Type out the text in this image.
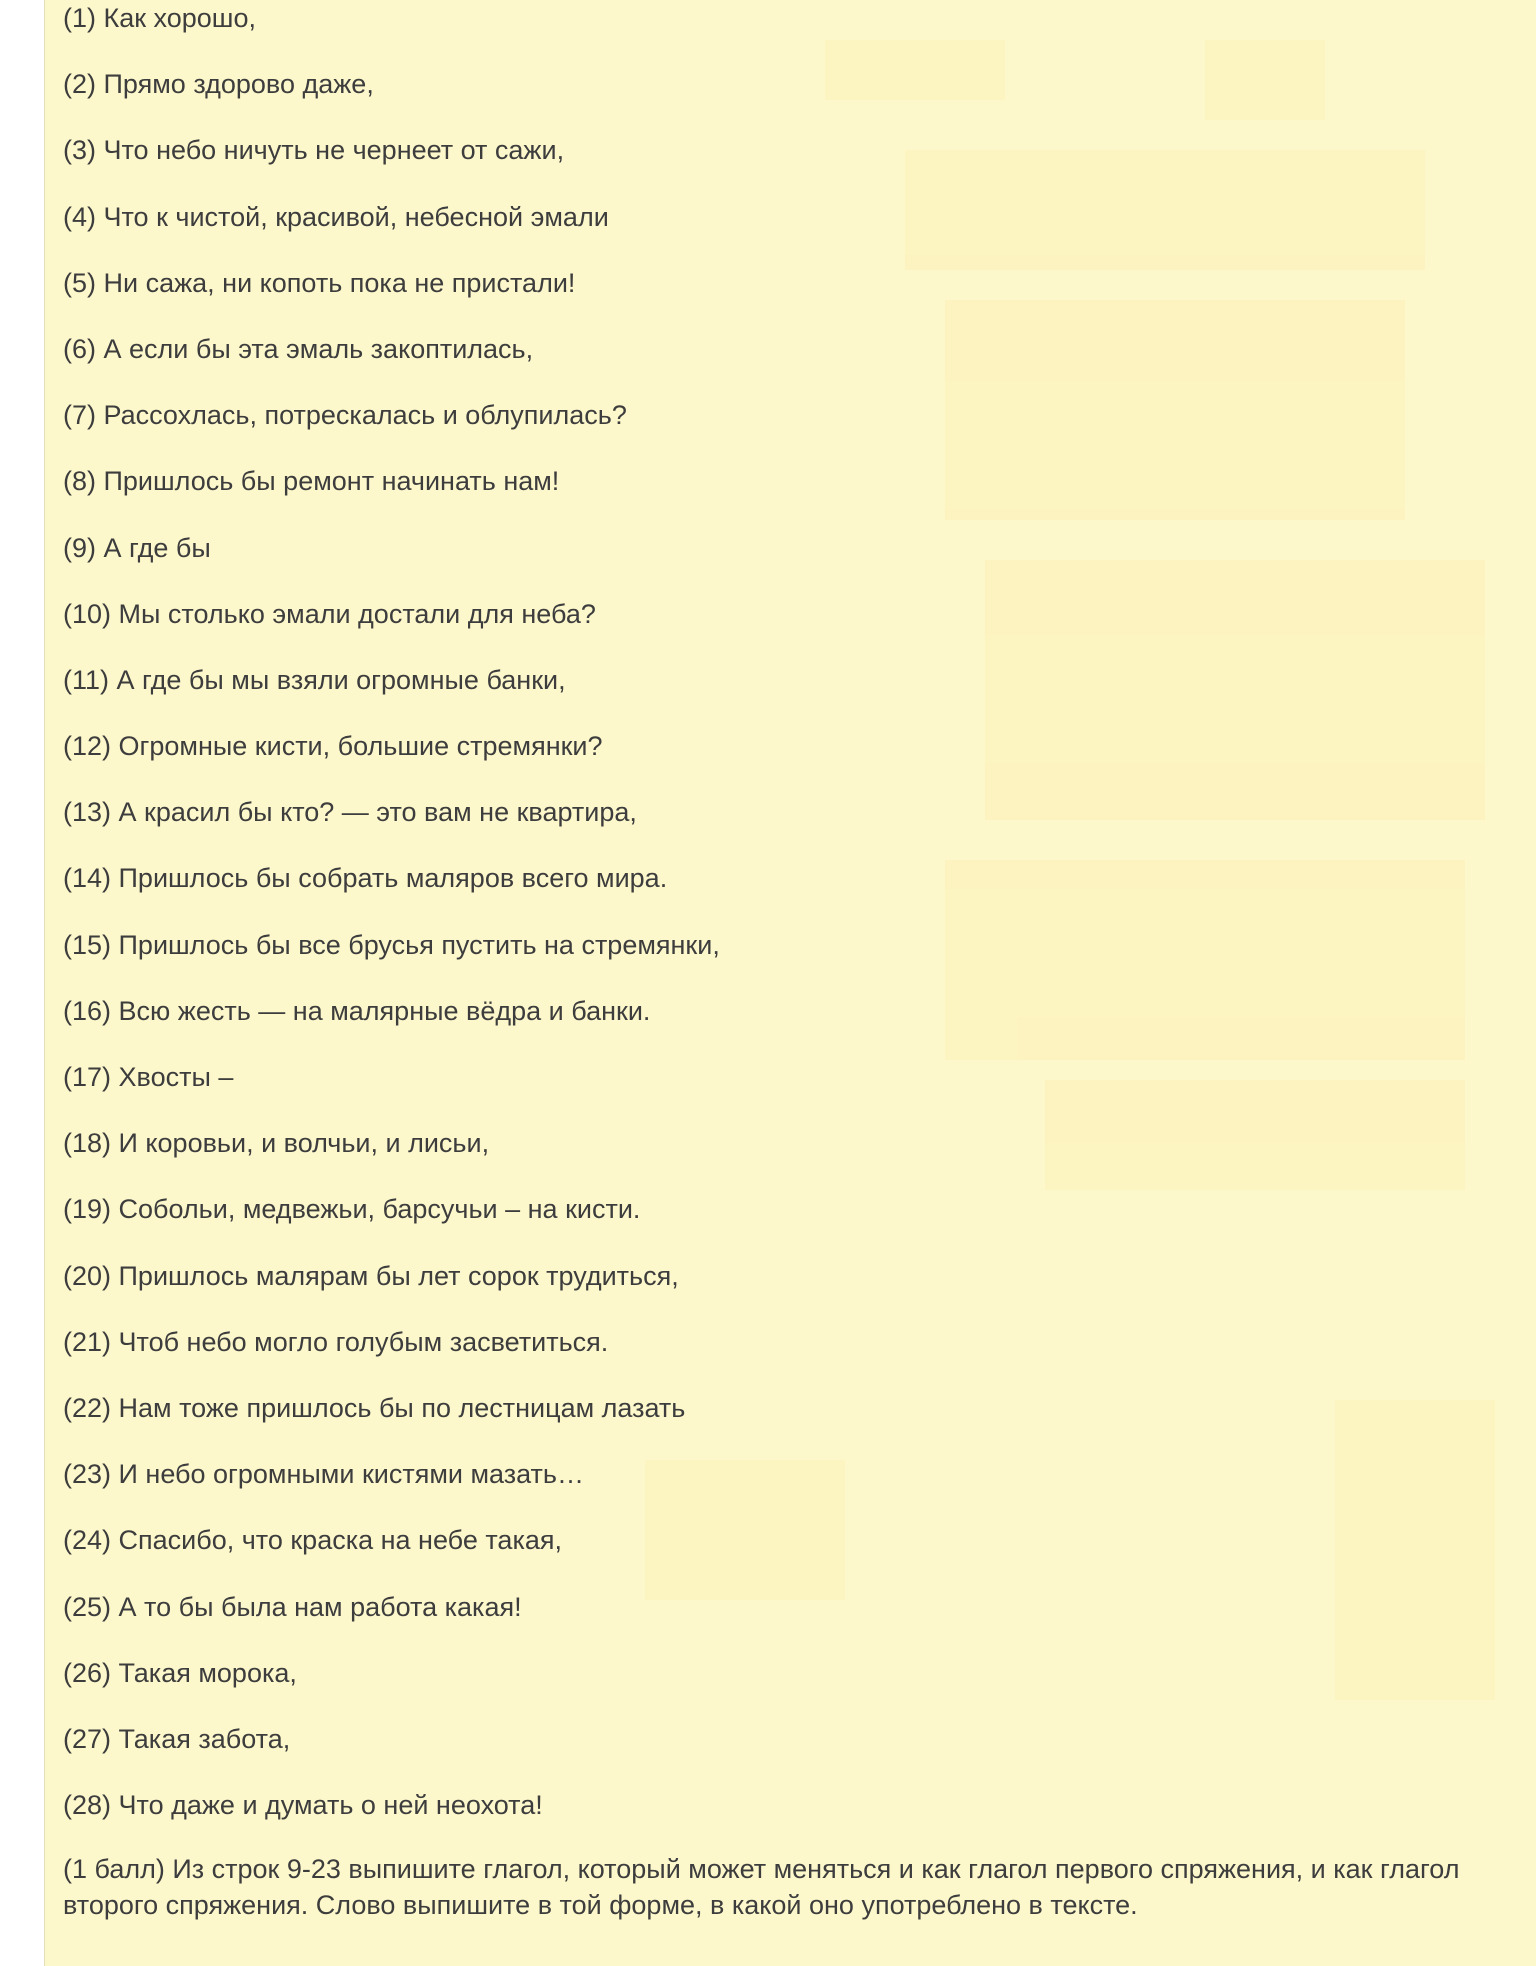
(1) Как хорошо,
(2) Прямо здорово даже,
(3) Что небо ничуть не чернеет от сажи,
(4) Что к чистой, красивой, небесной эмали
(5) Ни сажа, ни копоть пока не пристали!
(6) А если бы эта эмаль закоптилась,
(7) Рассохлась, потрескалась и облупилась?
(8) Пришлось бы ремонт начинать нам!
(9) А где бы
(10) Мы столько эмали достали для неба?
(11) А где бы мы взяли огромные банки,
(12) Огромные кисти, большие стремянки?
(13) А красил бы кто? — это вам не квартира,
(14) Пришлось бы собрать маляров всего мира.
(15) Пришлось бы все брусья пустить на стремянки,
(16) Всю жесть — на малярные вёдра и банки.
(17) Хвосты –
(18) И коровьи, и волчьи, и лисьи,
(19) Собольи, медвежьи, барсучьи – на кисти.
(20) Пришлось малярам бы лет сорок трудиться,
(21) Чтоб небо могло голубым засветиться.
(22) Нам тоже пришлось бы по лестницам лазать
(23) И небо огромными кистями мазать…
(24) Спасибо, что краска на небе такая,
(25) А то бы была нам работа какая!
(26) Такая морока,
(27) Такая забота,
(28) Что даже и думать о ней неохота!

(1 балл) Из строк 9-23 выпишите глагол, который может меняться и как глагол первого спряжения, и как глагол второго спряжения. Слово выпишите в той форме, в какой оно употреблено в тексте.
